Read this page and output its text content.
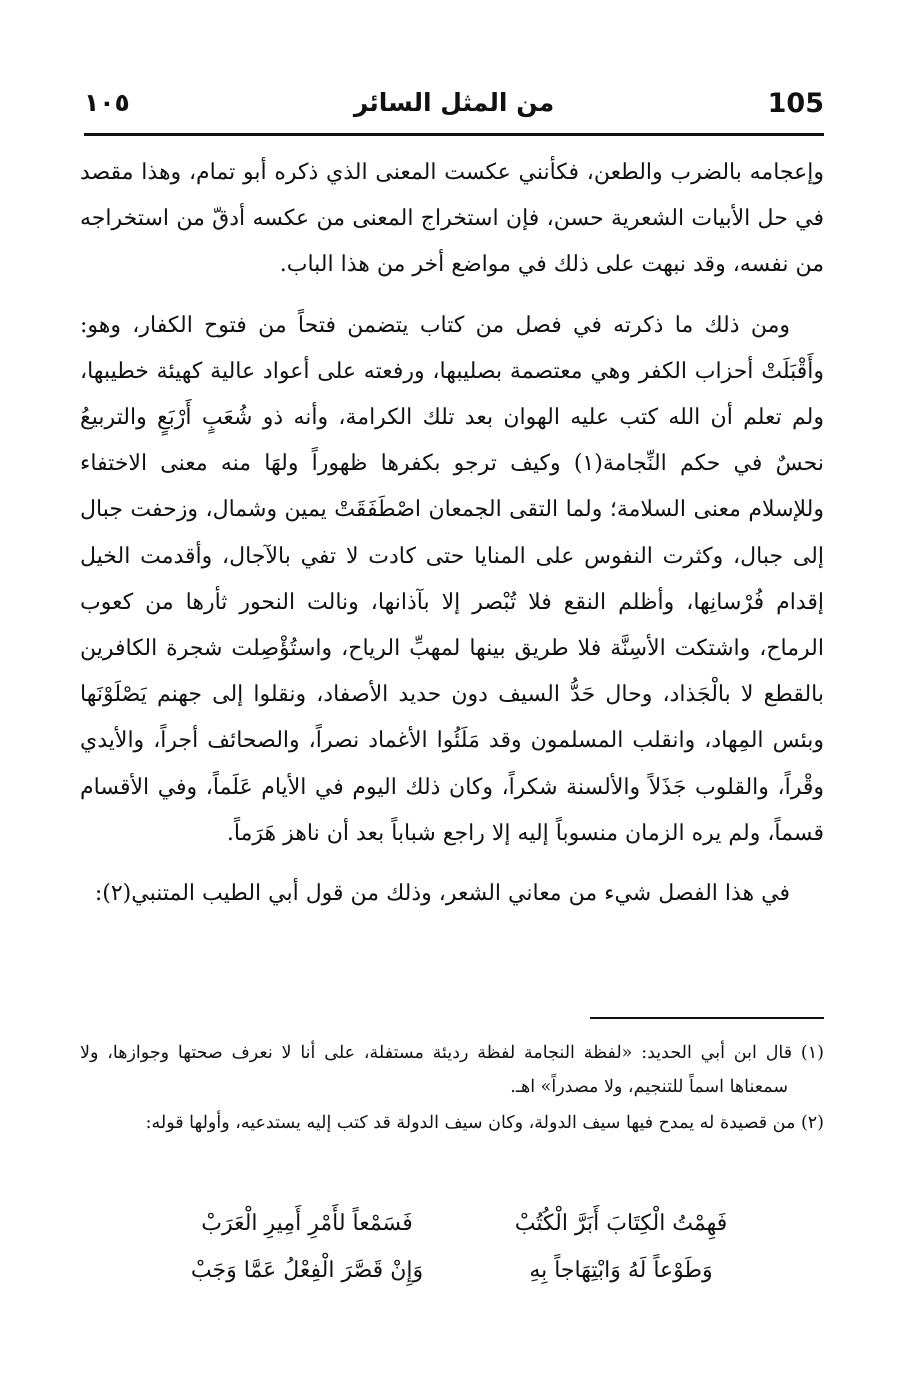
105
من المثل السائر
١٠٥

وإعجامه بالضرب والطعن، فكأنني عكست المعنى الذي ذكره أبو تمام، وهذا مقصد في حل الأبيات الشعرية حسن، فإن استخراج المعنى من عكسه أدقّ من استخراجه من نفسه، وقد نبهت على ذلك في مواضع أخر من هذا الباب.

ومن ذلك ما ذكرته في فصل من كتاب يتضمن فتحاً من فتوح الكفار، وهو: وأَقْبَلَتْ أحزاب الكفر وهي معتصمة بصليبها، ورفعته على أعواد عالية كهيئة خطيبها، ولم تعلم أن الله كتب عليه الهوان بعد تلك الكرامة، وأنه ذو شُعَبٍ أَرْبَعٍ والتربيعُ نحسٌ في حكم النِّجامة(١) وكيف ترجو بكفرها ظهوراً ولهَا منه معنى الاختفاء وللإسلام معنى السلامة؛ ولما التقى الجمعان اصْطَفَقَتْ يمين وشمال، وزحفت جبال إلى جبال، وكثرت النفوس على المنايا حتى كادت لا تفي بالآجال، وأقدمت الخيل إقدام فُرْسانِها، وأظلم النقع فلا تُبْصر إلا بآذانها، ونالت النحور ثأرها من كعوب الرماح، واشتكت الأسِنَّة فلا طريق بينها لمهبِّ الرياح، واستُؤْصِلت شجرة الكافرين بالقطع لا بالْجَذاد، وحال حَدُّ السيف دون حديد الأصفاد، ونقلوا إلى جهنم يَصْلَوْنَها وبئس المِهاد، وانقلب المسلمون وقد مَلَئُوا الأغماد نصراً، والصحائف أجراً، والأيدي وقْراً، والقلوب جَذَلاً والألسنة شكراً، وكان ذلك اليوم في الأيام عَلَماً، وفي الأقسام قسماً، ولم يره الزمان منسوباً إليه إلا راجع شباباً بعد أن ناهز هَرَماً.

في هذا الفصل شيء من معاني الشعر، وذلك من قول أبي الطيب المتنبي(٢):

(١) قال ابن أبي الحديد: «لفظة النجامة لفظة رديئة مستفلة، على أنا لا نعرف صحتها وجوازها، ولا سمعناها اسماً للتنجيم، ولا مصدراً» اهـ.

(٢) من قصيدة له يمدح فيها سيف الدولة، وكان سيف الدولة قد كتب إليه يستدعيه، وأولها قوله:

فَهِمْتُ الْكِتَابَ أَبَرَّ الْكُتُبْ
فَسَمْعاً لأَمْرِ أَمِيرِ الْعَرَبْ
وَطَوْعاً لَهُ وَابْتِهَاجاً بِهِ
وَإِنْ قَصَّرَ الْفِعْلُ عَمَّا وَجَبْ
